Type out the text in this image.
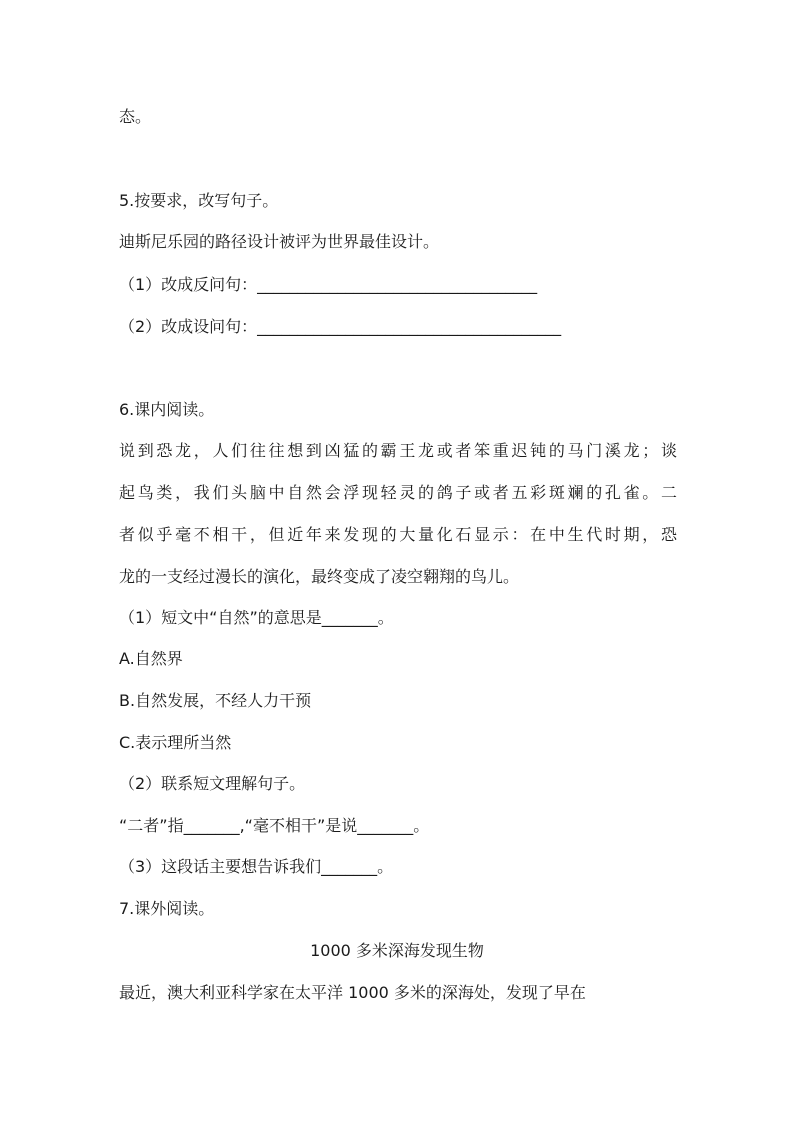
态。
5.按要求，改写句子。
迪斯尼乐园的路径设计被评为世界最佳设计。
（1）改成反问句：___________________________________
（2）改成设问句：______________________________________
6.课内阅读。
说到恐龙，人们往往想到凶猛的霸王龙或者笨重迟钝的马门溪龙；谈
起鸟类，我们头脑中自然会浮现轻灵的鸽子或者五彩斑斓的孔雀。二
者似乎毫不相干，但近年来发现的大量化石显示：在中生代时期，恐
龙的一支经过漫长的演化，最终变成了凌空翱翔的鸟儿。
（1）短文中“自然”的意思是_______。
A.自然界
B.自然发展，不经人力干预
C.表示理所当然
（2）联系短文理解句子。
“二者”指_______,“毫不相干”是说_______。
（3）这段话主要想告诉我们_______。
7.课外阅读。
1000 多米深海发现生物
最近，澳大利亚科学家在太平洋 1000 多米的深海处，发现了早在
